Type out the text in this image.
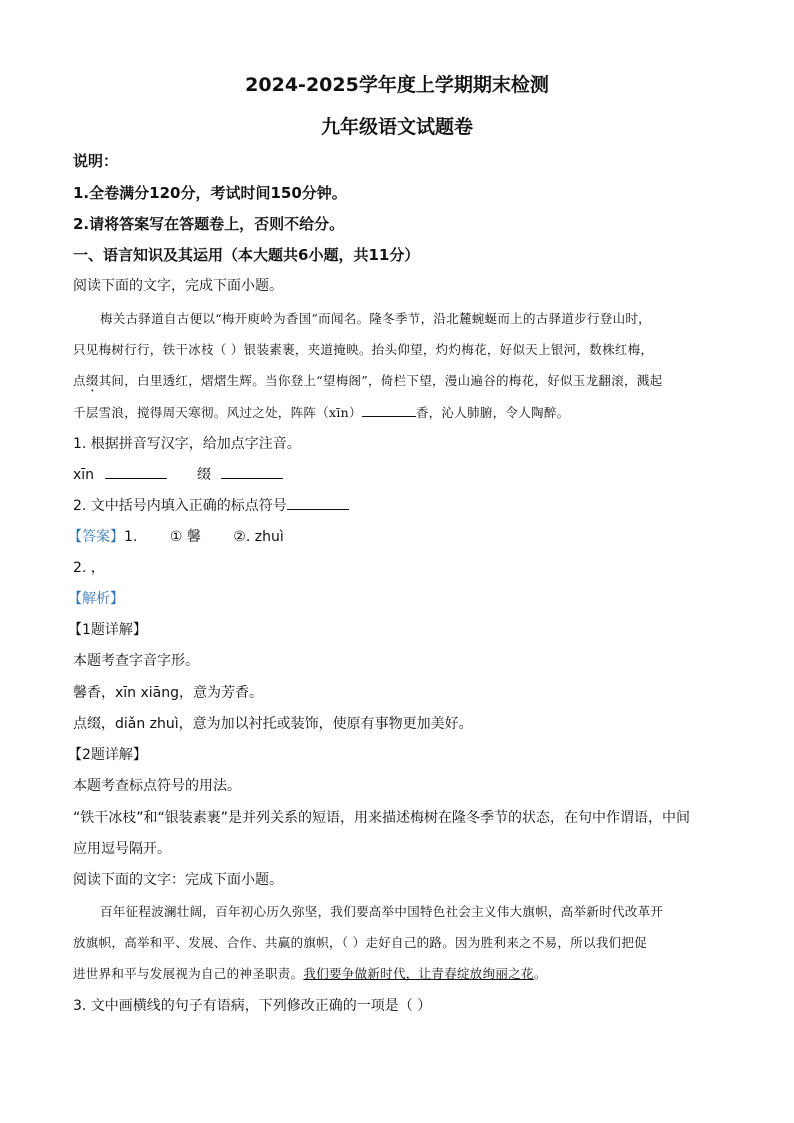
2024-2025学年度上学期期末检测
九年级语文试题卷
说明：
1.全卷满分120分，考试时间150分钟。
2.请将答案写在答题卷上，否则不给分。
一、语言知识及其运用（本大题共6小题，共11分）
阅读下面的文字，完成下面小题。
梅关古驿道自古便以“梅开庾岭为香国”而闻名。隆冬季节，沿北麓蜿蜒而上的古驿道步行登山时，
只见梅树行行，铁干冰枝（ ）银装素裹，夹道掩映。抬头仰望，灼灼梅花，好似天上银河，数株红梅，
点缀其间，白里透红，熠熠生辉。当你登上“望梅阁”，倚栏下望，漫山遍谷的梅花，好似玉龙翻滚，溅起
千层雪浪，搅得周天寒彻。风过之处，阵阵（xīn）	香，沁人肺腑，令人陶醉。
1. 根据拼音写汉字，给加点字注音。
xīn	缀
2. 文中括号内填入正确的标点符号
【答案】1. ① 馨 ②. zhuì
2. ，
【解析】
【1题详解】
本题考查字音字形。
馨香，xīn xiāng，意为芳香。
点缀，diǎn zhuì，意为加以衬托或装饰，使原有事物更加美好。
【2题详解】
本题考查标点符号的用法。
“铁干冰枝”和“银装素裹”是并列关系的短语，用来描述梅树在隆冬季节的状态，在句中作谓语，中间
应用逗号隔开。
阅读下面的文字：完成下面小题。
百年征程波澜壮阔，百年初心历久弥坚，我们要高举中国特色社会主义伟大旗帜，高举新时代改革开
放旗帜，高举和平、发展、合作、共赢的旗帜，（ ）走好自己的路。因为胜利来之不易，所以我们把促
进世界和平与发展视为自己的神圣职责。我们要争做新时代，让青春绽放绚丽之花。
3. 文中画横线的句子有语病，下列修改正确的一项是（ ）
